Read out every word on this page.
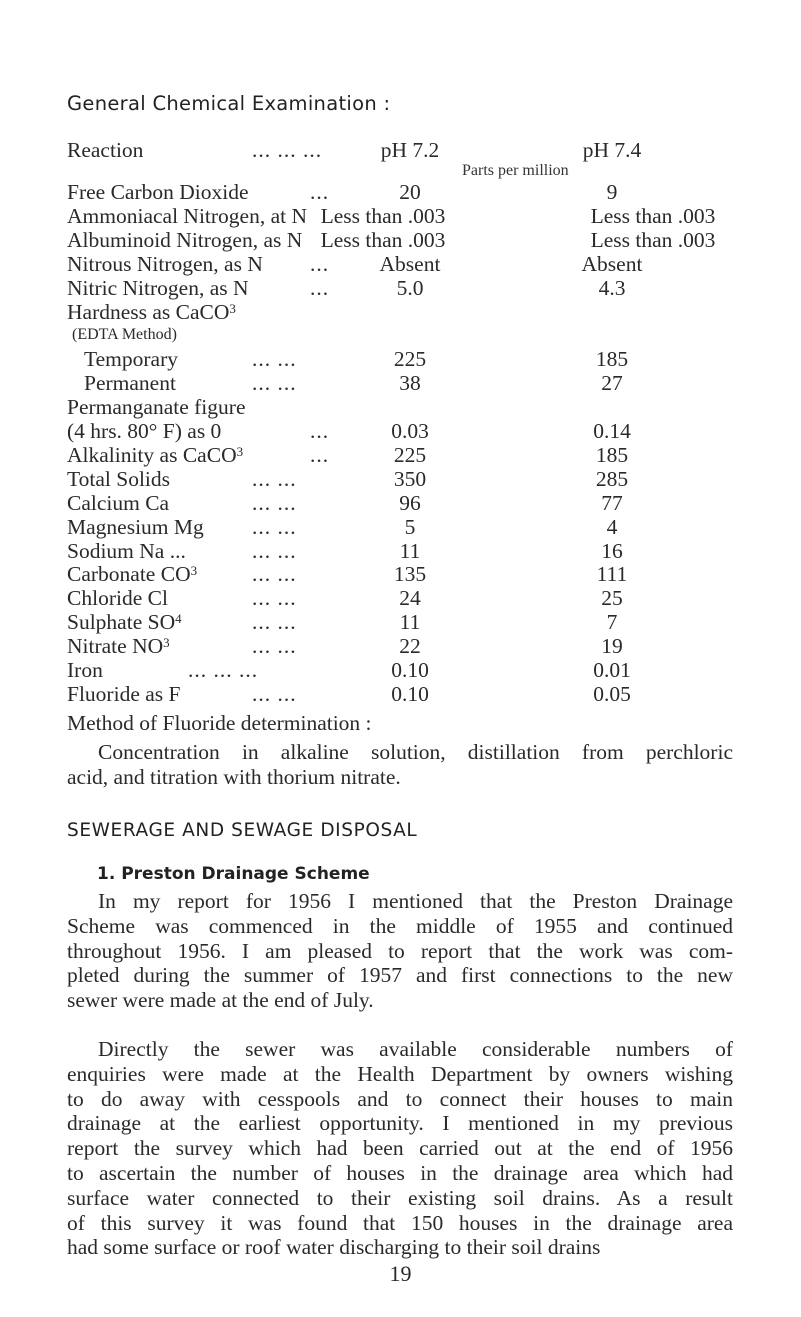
General Chemical Examination :
Reaction	... ... ...	pH 7.2	pH 7.4
Parts per million
Free Carbon Dioxide	...	20	9
Ammoniacal Nitrogen, at N Less than .003	Less than .003
Albuminoid Nitrogen, as N Less than .003	Less than .003
Nitrous Nitrogen, as N ...	Absent	Absent
Nitric Nitrogen, as N	...	5.0	4.3
Hardness as CaCO$^3$
(EDTA Method)
Temporary	... ...	225	185
Permanent	... ...	38	27
Permanganate figure
(4 hrs. 80° F) as 0	...	0.03	0.14
Alkalinity as CaCO$^3$	...	225	185
Total Solids	... ...	350	285
Calcium Ca	... ...	96	77
Magnesium Mg ... ...	5	4
Sodium Na ...	... ...	11	16
Carbonate $CO^3$	... ...	135	111
Chloride Cl	... ...	24	25
Sulphate $SO^4$	... ...	11	7
Nitrate $NO^3$	... ...	22	19
Iron	... ... ...	0.10	0.01
Fluoride as F	... ...	0.10	0.05
Method of Fluoride determination :
Concentration in alkaline solution, distillation from perchloric
acid, and titration with thorium nitrate.
SEWERAGE AND SEWAGE DISPOSAL
1. Preston Drainage Scheme
In my report for 1956 I mentioned that the Preston Drainage
Scheme was commenced in the middle of 1955 and continued
throughout 1956. I am pleased to report that the work was com-
pleted during the summer of 1957 and first connections to the new
sewer were made at the end of July.
Directly the sewer was available considerable numbers of
enquiries were made at the Health Department by owners wishing
to do away with cesspools and to connect their houses to main
drainage at the earliest opportunity. I mentioned in my previous
report the survey which had been carried out at the end of 1956
to ascertain the number of houses in the drainage area which had
surface water connected to their existing soil drains. As a result
of this survey it was found that 150 houses in the drainage area
had some surface or roof water discharging to their soil drains
19
